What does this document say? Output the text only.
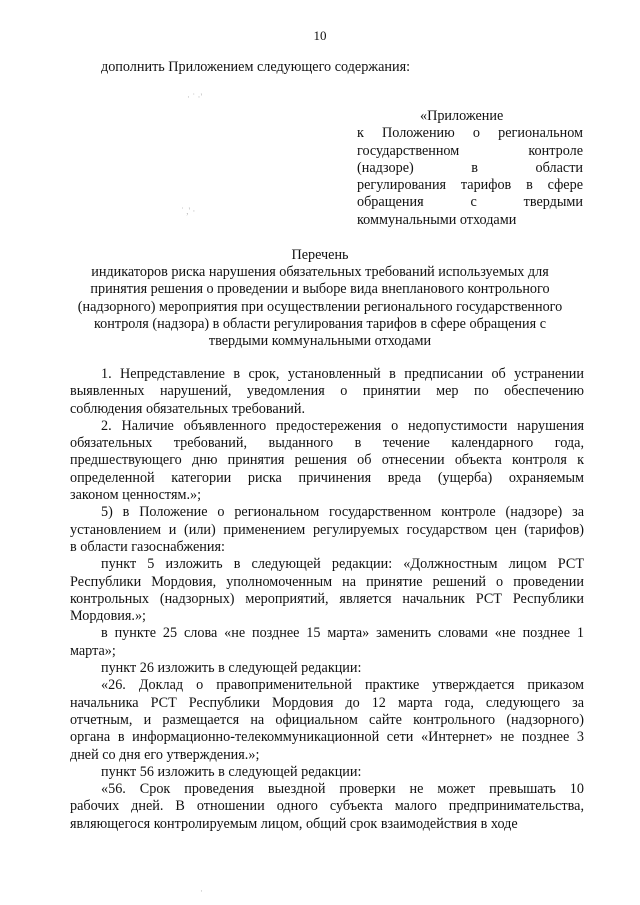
10
дополнить Приложением следующего содержания:
«Приложение
к Положению о региональном
государственном контроле
(надзоре) в области
регулирования тарифов в сфере
обращения с твердыми
коммунальными отходами
Перечень
индикаторов риска нарушения обязательных требований используемых для
принятия решения о проведении и выборе вида внепланового контрольного
(надзорного) мероприятия при осуществлении регионального государственного
контроля (надзора) в области регулирования тарифов в сфере обращения с
твердыми коммунальными отходами
1. Непредставление в срок, установленный в предписании об устранении
выявленных нарушений, уведомления о принятии мер по обеспечению
соблюдения обязательных требований.
2. Наличие объявленного предостережения о недопустимости нарушения
обязательных требований, выданного в течение календарного года,
предшествующего дню принятия решения об отнесении объекта контроля к
определенной категории риска причинения вреда (ущерба) охраняемым
законом ценностям.»;
5) в Положение о региональном государственном контроле (надзоре) за
установлением и (или) применением регулируемых государством цен (тарифов)
в области газоснабжения:
пункт 5 изложить в следующей редакции: «Должностным лицом РСТ
Республики Мордовия, уполномоченным на принятие решений о проведении
контрольных (надзорных) мероприятий, является начальник РСТ Республики
Мордовия.»;
в пункте 25 слова «не позднее 15 марта» заменить словами «не позднее 1
марта»;
пункт 26 изложить в следующей редакции:
«26. Доклад о правоприменительной практике утверждается приказом
начальника РСТ Республики Мордовия до 12 марта года, следующего за
отчетным, и размещается на официальном сайте контрольного (надзорного)
органа в информационно-телекоммуникационной сети «Интернет» не позднее 3
дней со дня его утверждения.»;
пункт 56 изложить в следующей редакции:
«56. Срок проведения выездной проверки не может превышать 10
рабочих дней. В отношении одного субъекта малого предпринимательства,
являющегося контролируемым лицом, общий срок взаимодействия в ходе
· ˙ ·'
˙ ,' ·
·
